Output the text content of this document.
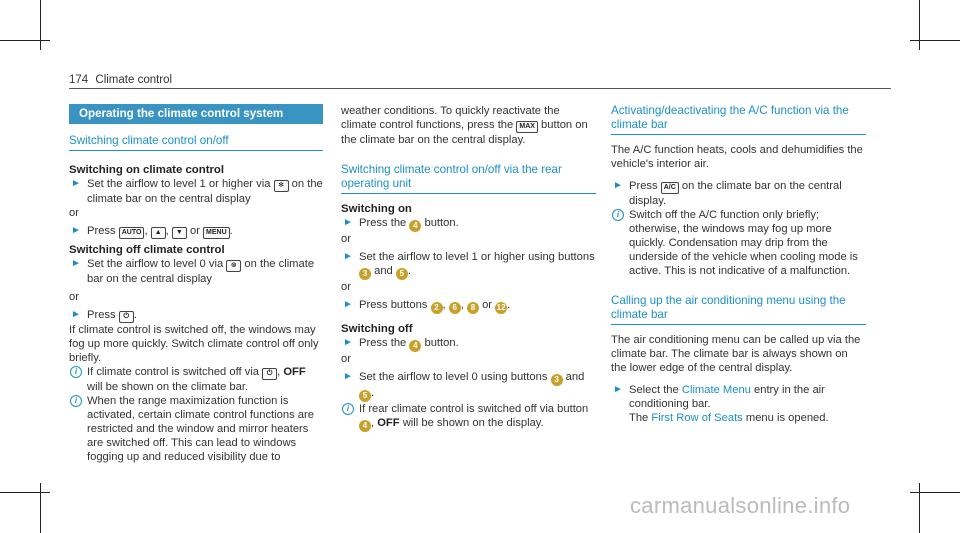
174 Climate control
Operating the climate control system

Switching climate control on/off

Switching on climate control

► Set the airflow to level 1 or higher via ✻ on the climate bar on the central display

or

► Press AUTO , ▲ , ▼ or MENU .

Switching off climate control

► Set the airflow to level 0 via ⊗ on the climate bar on the central display

or

► Press ⏻ .

If climate control is switched off, the windows may fog up more quickly. Switch climate control off only briefly.

i If climate control is switched off via ⏻ , OFF will be shown on the climate bar.

i When the range maximization function is activated, certain climate control functions are restricted and the window and mirror heaters are switched off. This can lead to windows fogging up and reduced visibility due to

weather conditions. To quickly reactivate the climate control functions, press the MAX button on the climate bar on the central display.

Switching climate control on/off via the rear operating unit

Switching on

► Press the 4 button.

or

► Set the airflow to level 1 or higher using buttons 3 and 5 .

or

► Press buttons 2 , 6 , 8 or 12 .

Switching off

► Press the 4 button.

or

► Set the airflow to level 0 using buttons 3 and 5 .

i If rear climate control is switched off via button 4 , OFF will be shown on the display.

Activating/deactivating the A/C function via the climate bar

The A/C function heats, cools and dehumidifies the vehicle's interior air.

► Press A/C on the climate bar on the central display.

i Switch off the A/C function only briefly; otherwise, the windows may fog up more quickly. Condensation may drip from the underside of the vehicle when cooling mode is active. This is not indicative of a malfunction.

Calling up the air conditioning menu using the climate bar

The air conditioning menu can be called up via the climate bar. The climate bar is always shown on the lower edge of the central display.

► Select the Climate Menu entry in the air conditioning bar.
The First Row of Seats menu is opened.

carmanualsonline.info
